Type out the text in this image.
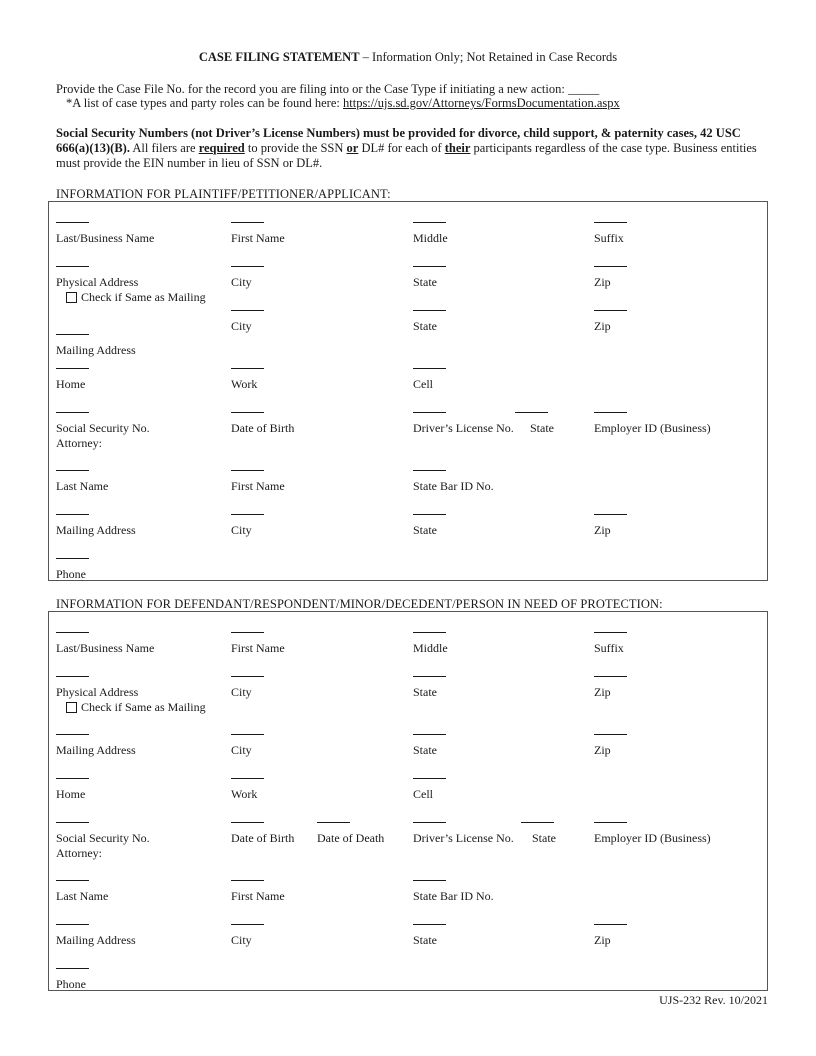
CASE FILING STATEMENT – Information Only; Not Retained in Case Records
Provide the Case File No. for the record you are filing into or the Case Type if initiating a new action: _____
*A list of case types and party roles can be found here: https://ujs.sd.gov/Attorneys/FormsDocumentation.aspx
Social Security Numbers (not Driver’s License Numbers) must be provided for divorce, child support, & paternity cases, 42 USC 666(a)(13)(B). All filers are required to provide the SSN or DL# for each of their participants regardless of the case type. Business entities must provide the EIN number in lieu of SSN or DL#.
INFORMATION FOR PLAINTIFF/PETITIONER/APPLICANT:
Last/Business Name	First Name	Middle	Suffix
Physical Address	City	State	Zip
Check if Same as Mailing
Mailing Address
City	State	Zip
Home	Work	Cell
Social Security No.	Date of Birth	Driver’s License No.	State	Employer ID (Business)
Attorney:
Last Name	First Name	State Bar ID No.
Mailing Address	City	State	Zip
Phone
INFORMATION FOR DEFENDANT/RESPONDENT/MINOR/DECEDENT/PERSON IN NEED OF PROTECTION:
Last/Business Name	First Name	Middle	Suffix
Physical Address	City	State	Zip
Check if Same as Mailing
Mailing Address	City	State	Zip
Home	Work	Cell
Social Security No.	Date of Birth Date of Death Driver’s License No.	State	Employer ID (Business)
Attorney:
Last Name	First Name	State Bar ID No.
Mailing Address	City	State	Zip
Phone
UJS-232 Rev. 10/2021
